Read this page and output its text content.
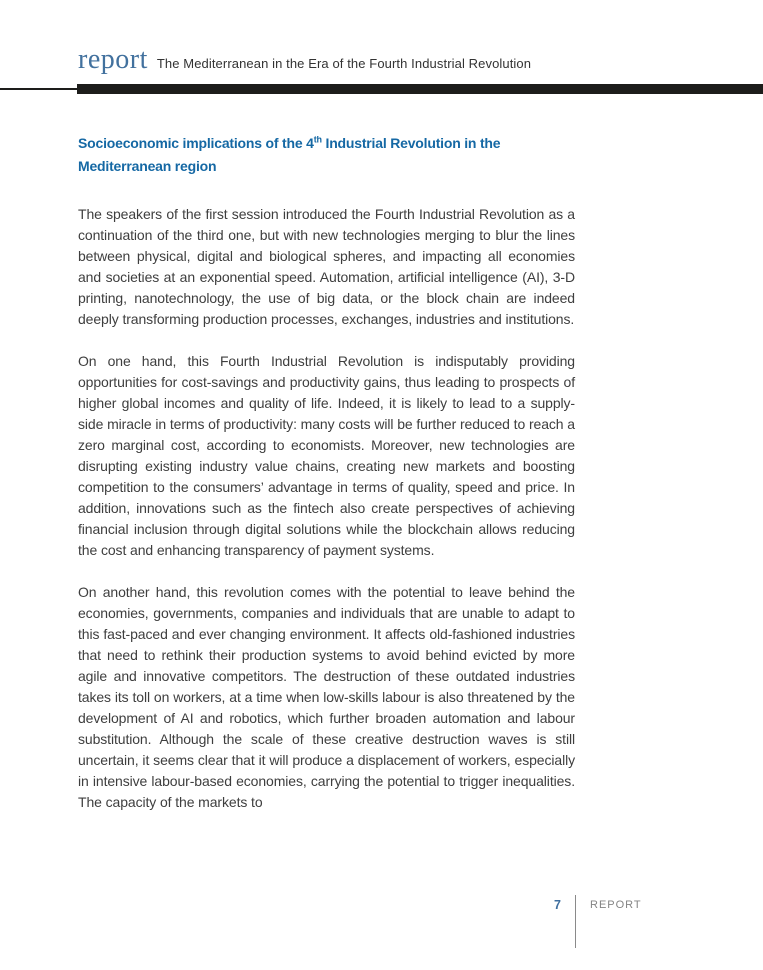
report The Mediterranean in the Era of the Fourth Industrial Revolution
Socioeconomic implications of the 4th Industrial Revolution in the Mediterranean region

The speakers of the first session introduced the Fourth Industrial Revolution as a continuation of the third one, but with new technologies merging to blur the lines between physical, digital and biological spheres, and impacting all economies and societies at an exponential speed. Automation, artificial intelligence (AI), 3-D printing, nanotechnology, the use of big data, or the block chain are indeed deeply transforming production processes, exchanges, industries and institutions.

On one hand, this Fourth Industrial Revolution is indisputably providing opportunities for cost-savings and productivity gains, thus leading to prospects of higher global incomes and quality of life. Indeed, it is likely to lead to a supply-side miracle in terms of productivity: many costs will be further reduced to reach a zero marginal cost, according to economists. Moreover, new technologies are disrupting existing industry value chains, creating new markets and boosting competition to the consumers’ advantage in terms of quality, speed and price. In addition, innovations such as the fintech also create perspectives of achieving financial inclusion through digital solutions while the blockchain allows reducing the cost and enhancing transparency of payment systems.

On another hand, this revolution comes with the potential to leave behind the economies, governments, companies and individuals that are unable to adapt to this fast-paced and ever changing environment. It affects old-fashioned industries that need to rethink their production systems to avoid behind evicted by more agile and innovative competitors. The destruction of these outdated industries takes its toll on workers, at a time when low-skills labour is also threatened by the development of AI and robotics, which further broaden automation and labour substitution. Although the scale of these creative destruction waves is still uncertain, it seems clear that it will produce a displacement of workers, especially in intensive labour-based economies, carrying the potential to trigger inequalities. The capacity of the markets to

7	REPORT
